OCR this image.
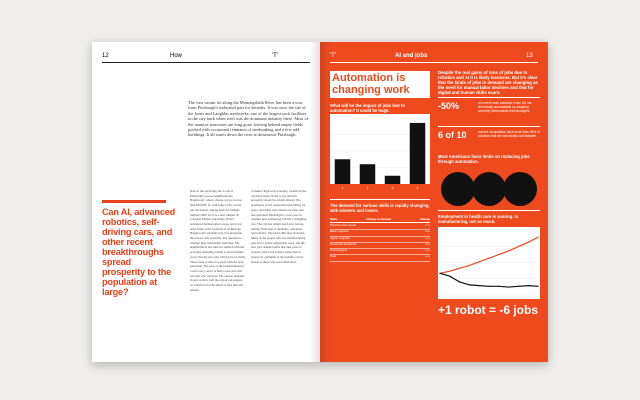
12	How	'T'
The vast vacant lot along the Monongahela River has been a scar from Pittsburgh's industrial past for decades. It was once the site of the Jones and Laughlin steelworks, one of the largest such facilities in the city back when steel was the dominant industry there. Most of the massive structures are long gone, leaving behind empty fields pocked with occasional remnants of steelmaking and a few odd buildings. It all stares down the river at downtown Pittsburgh.
Can AI, advanced robotics, self-driving cars, and other recent breakthroughs spread prosperity to the population at large?
Next to the sprawling site is one of Pittsburgh's poorer neighborhoods, Hazelwood, where a house can go for less than $50,000. So with some of the vacant lots developed, among them is Carnegie Mellon's Mill 19. It is a new campus of Carnegie Mellon University, Uber's Advanced Technologies Group, and a few other firms at the forefront of technology. Hazelwood's residents now live alongside the newest tech economy. The question is whether they will benefit from that. The neighborhood has little in common with the economy emerging around it, and residents worry that the new jobs will not be for them. Those most at risk are people with the least education. The pace of the transformation is a real worry, and it is hard to see who will win and who will lose. The answer depends in part on how well the region can prepare its workforce for the kinds of jobs that will remain.
to make a high-tech economy. Leaders in the city have been careful to say that this prosperity should be widely shared. The population of the region has been falling for years, and many who remain are older and less educated. Pittsburgh is a test case for whether new technology can lift a struggling city. The city has rebuilt itself once before, turning from steel to medicine, education and robotics. The latest shift may be harder. Many of the people who lost manufacturing jobs never found comparable work, and the new jobs demand skills that take years to acquire. Still, local leaders argue there is reason for optimism, if the benefits can be spread to those who need them most.
'T'	AI and jobs	13
Automation is
changing work
Despite the real gains of tons of jobs due to robotics and AI it is likely business. But it's clear that the kinds of jobs in demand are changing as the need for manual labor declines and that for digital and human skills soars.
What will be the impact of jobs lost to automation? It could be huge.
1	2	3	4
-50%	of current work activities in the US are technically automatable by adapting currently demonstrated technologies.
6 of 10	current occupations have more than 30% of activities that are technically automatable.
Most Americans favor limits on replacing jobs through automation.
The demand for various skills is rapidly changing, with winners and losers.
Skills	Change in demand	Change
Physical and manual	•••••
Basic cognitive	•••••
Higher cognitive	•••••
Social and emotional	•••••
Technological	•••••
Total	•••••
Employment in health care is soaring. In manufacturing, not so much.
+1 robot = -6 jobs
